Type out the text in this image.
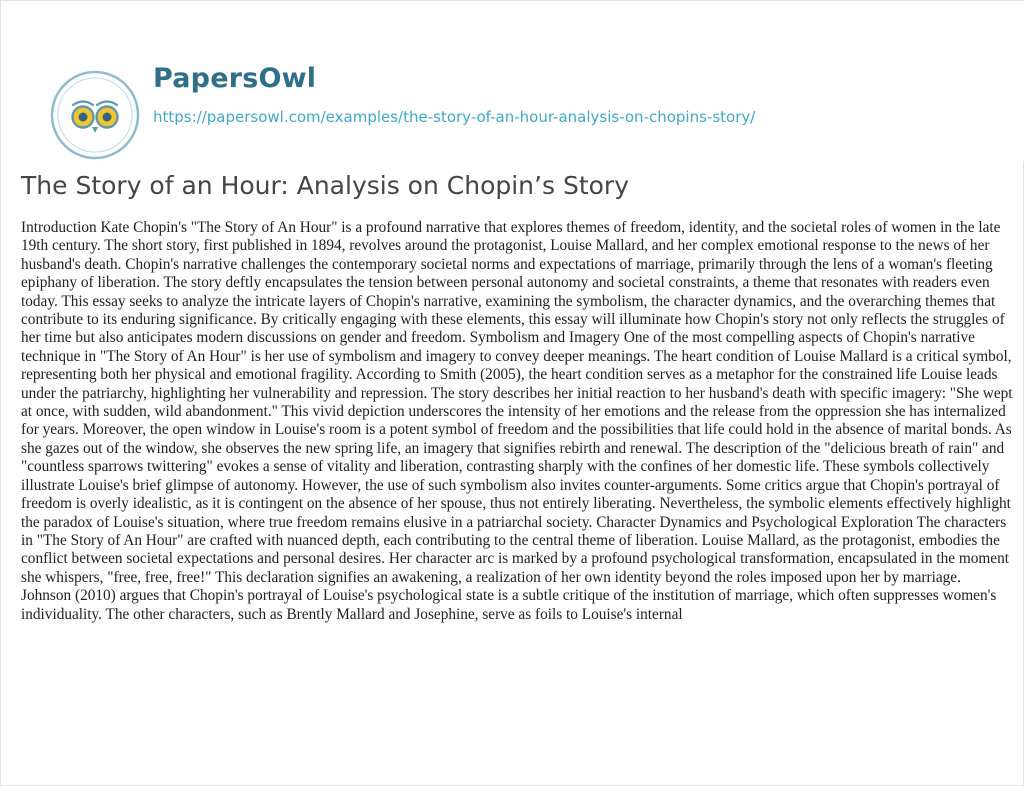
PapersOwl
https://papersowl.com/examples/the-story-of-an-hour-analysis-on-chopins-story/
The Story of an Hour: Analysis on Chopin’s Story

Introduction Kate Chopin's "The Story of An Hour" is a profound narrative that explores themes of freedom, identity, and the societal roles of women in the late 19th century. The short story, first published in 1894, revolves around the protagonist, Louise Mallard, and her complex emotional response to the news of her husband's death. Chopin's narrative challenges the contemporary societal norms and expectations of marriage, primarily through the lens of a woman's fleeting epiphany of liberation. The story deftly encapsulates the tension between personal autonomy and societal constraints, a theme that resonates with readers even today. This essay seeks to analyze the intricate layers of Chopin's narrative, examining the symbolism, the character dynamics, and the overarching themes that contribute to its enduring significance. By critically engaging with these elements, this essay will illuminate how Chopin's story not only reflects the struggles of her time but also anticipates modern discussions on gender and freedom. Symbolism and Imagery One of the most compelling aspects of Chopin's narrative technique in "The Story of An Hour" is her use of symbolism and imagery to convey deeper meanings. The heart condition of Louise Mallard is a critical symbol, representing both her physical and emotional fragility. According to Smith (2005), the heart condition serves as a metaphor for the constrained life Louise leads under the patriarchy, highlighting her vulnerability and repression. The story describes her initial reaction to her husband's death with specific imagery: "She wept at once, with sudden, wild abandonment." This vivid depiction underscores the intensity of her emotions and the release from the oppression she has internalized for years. Moreover, the open window in Louise's room is a potent symbol of freedom and the possibilities that life could hold in the absence of marital bonds. As she gazes out of the window, she observes the new spring life, an imagery that signifies rebirth and renewal. The description of the "delicious breath of rain" and "countless sparrows twittering" evokes a sense of vitality and liberation, contrasting sharply with the confines of her domestic life. These symbols collectively illustrate Louise's brief glimpse of autonomy. However, the use of such symbolism also invites counter-arguments. Some critics argue that Chopin's portrayal of freedom is overly idealistic, as it is contingent on the absence of her spouse, thus not entirely liberating. Nevertheless, the symbolic elements effectively highlight the paradox of Louise's situation, where true freedom remains elusive in a patriarchal society. Character Dynamics and Psychological Exploration The characters in "The Story of An Hour" are crafted with nuanced depth, each contributing to the central theme of liberation. Louise Mallard, as the protagonist, embodies the conflict between societal expectations and personal desires. Her character arc is marked by a profound psychological transformation, encapsulated in the moment she whispers, "free, free, free!" This declaration signifies an awakening, a realization of her own identity beyond the roles imposed upon her by marriage. Johnson (2010) argues that Chopin's portrayal of Louise's psychological state is a subtle critique of the institution of marriage, which often suppresses women's individuality. The other characters, such as Brently Mallard and Josephine, serve as foils to Louise's internal
